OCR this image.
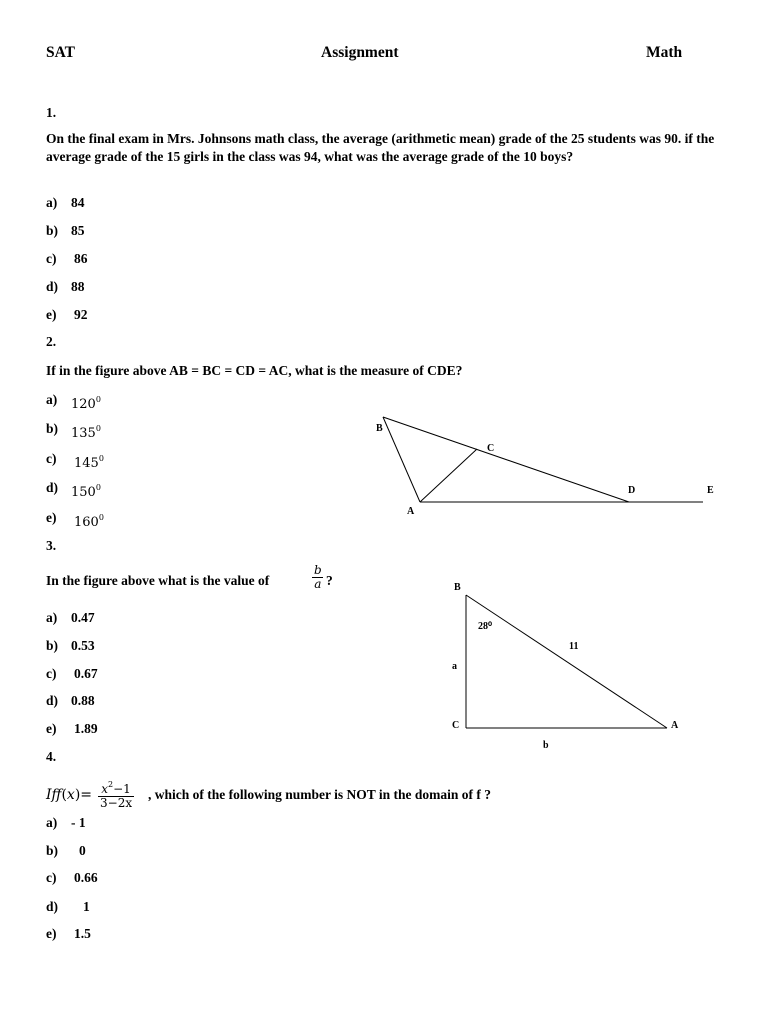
SAT	Assignment	Math
1.
On the final exam in Mrs. Johnsons math class, the average (arithmetic mean) grade of the 25 students was 90. if the average grade of the 15 girls in the class was 94, what was the average grade of the 10 boys?
a) 84
b) 85
c) 86
d) 88
e) 92
2.
If in the figure above AB = BC = CD = AC, what is the measure of CDE?
a) $120^0$
b) $135^0$
c) $145^0$
d) $150^0$
e) $160^0$
B
C
D	E
A
3.
In the figure above what is the value of	$\frac{b}{a}$ ?
a) 0.47
b) 0.53
c) 0.67
d) 0.88
e) 1.89
B
C	A
28⁰
11
a
b
4.
$Iff(x)= \frac{x^2-1}{3-2x}$ , which of the following number is NOT in the domain of f ?
a) - 1
b) 0
c) 0.66
d) 1
e) 1.5
